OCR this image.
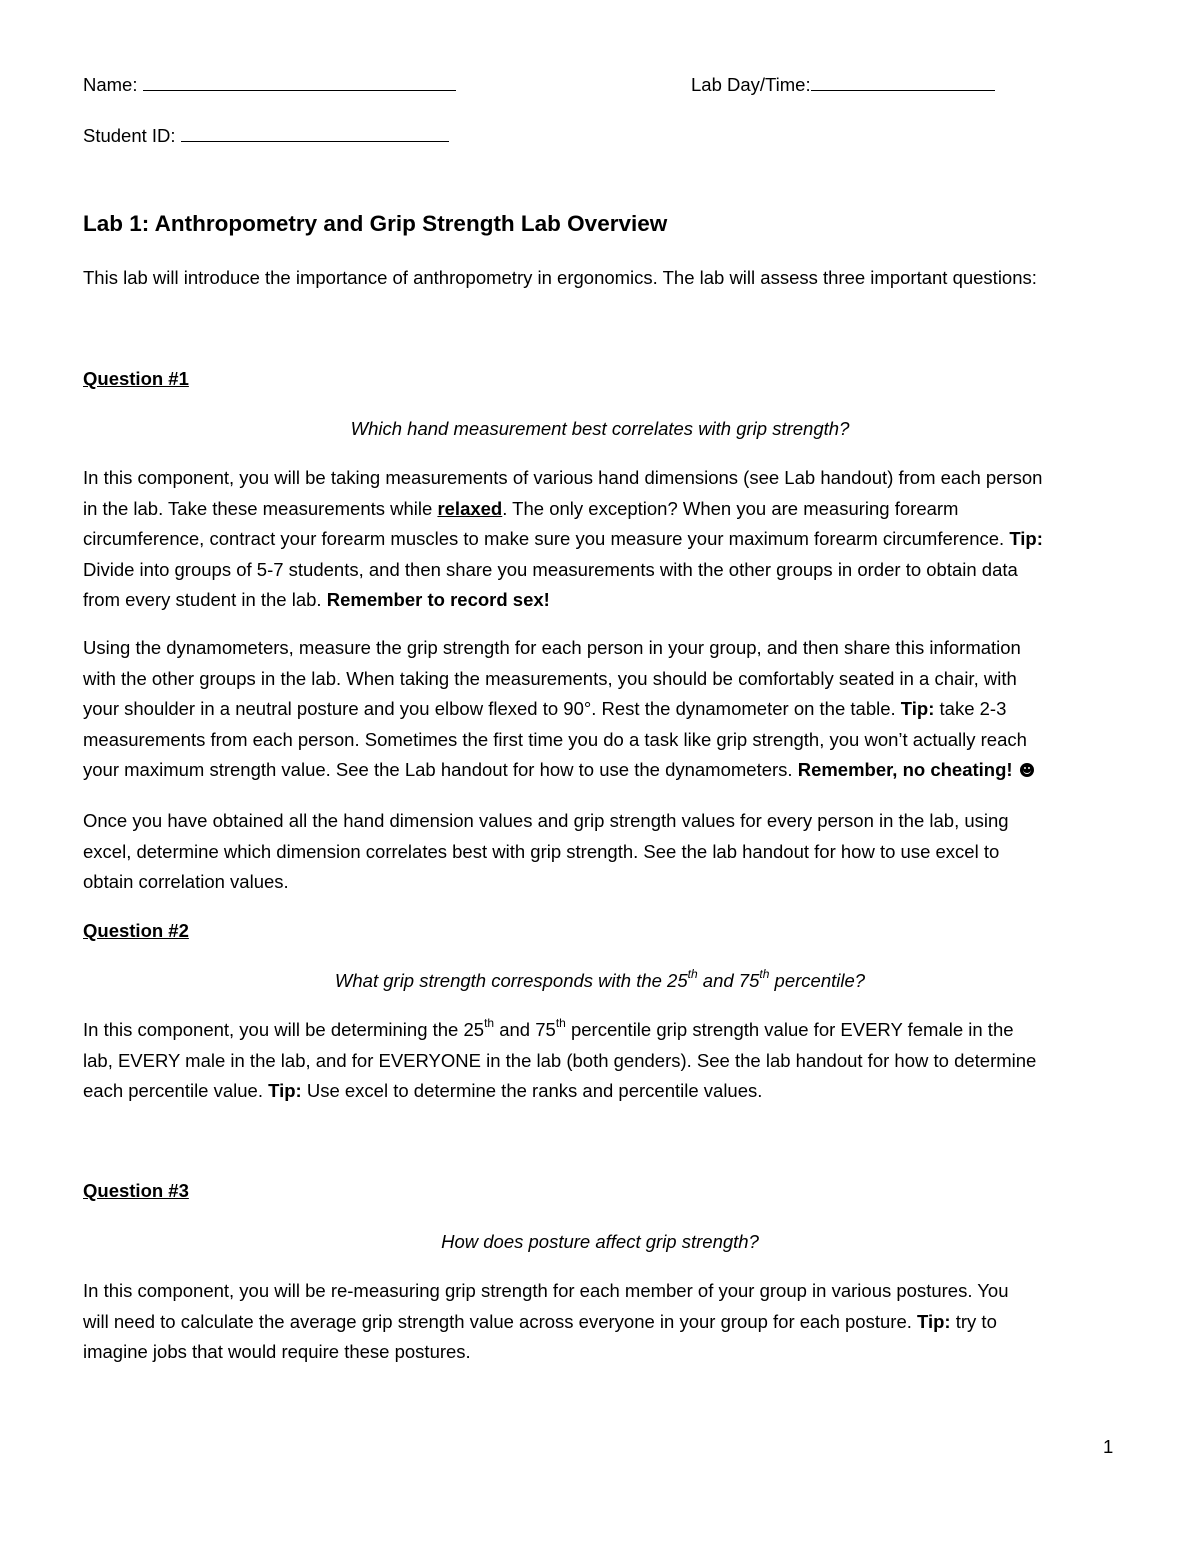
Name:	Lab Day/Time:
Student ID:
Lab 1: Anthropometry and Grip Strength Lab Overview
This lab will introduce the importance of anthropometry in ergonomics. The lab will assess three important questions:
Question #1
Which hand measurement best correlates with grip strength?
In this component, you will be taking measurements of various hand dimensions (see Lab handout) from each person
in the lab. Take these measurements while relaxed. The only exception? When you are measuring forearm
circumference, contract your forearm muscles to make sure you measure your maximum forearm circumference. Tip:
Divide into groups of 5-7 students, and then share you measurements with the other groups in order to obtain data
from every student in the lab. Remember to record sex!
Using the dynamometers, measure the grip strength for each person in your group, and then share this information
with the other groups in the lab. When taking the measurements, you should be comfortably seated in a chair, with
your shoulder in a neutral posture and you elbow flexed to 90°. Rest the dynamometer on the table. Tip: take 2-3
measurements from each person. Sometimes the first time you do a task like grip strength, you won’t actually reach
your maximum strength value. See the Lab handout for how to use the dynamometers. Remember, no cheating!
Once you have obtained all the hand dimension values and grip strength values for every person in the lab, using
excel, determine which dimension correlates best with grip strength. See the lab handout for how to use excel to
obtain correlation values.
Question #2
What grip strength corresponds with the 25th and 75th percentile?
In this component, you will be determining the 25th and 75th percentile grip strength value for EVERY female in the
lab, EVERY male in the lab, and for EVERYONE in the lab (both genders). See the lab handout for how to determine
each percentile value. Tip: Use excel to determine the ranks and percentile values.
Question #3
How does posture affect grip strength?
In this component, you will be re-measuring grip strength for each member of your group in various postures. You
will need to calculate the average grip strength value across everyone in your group for each posture. Tip: try to
imagine jobs that would require these postures.
1
